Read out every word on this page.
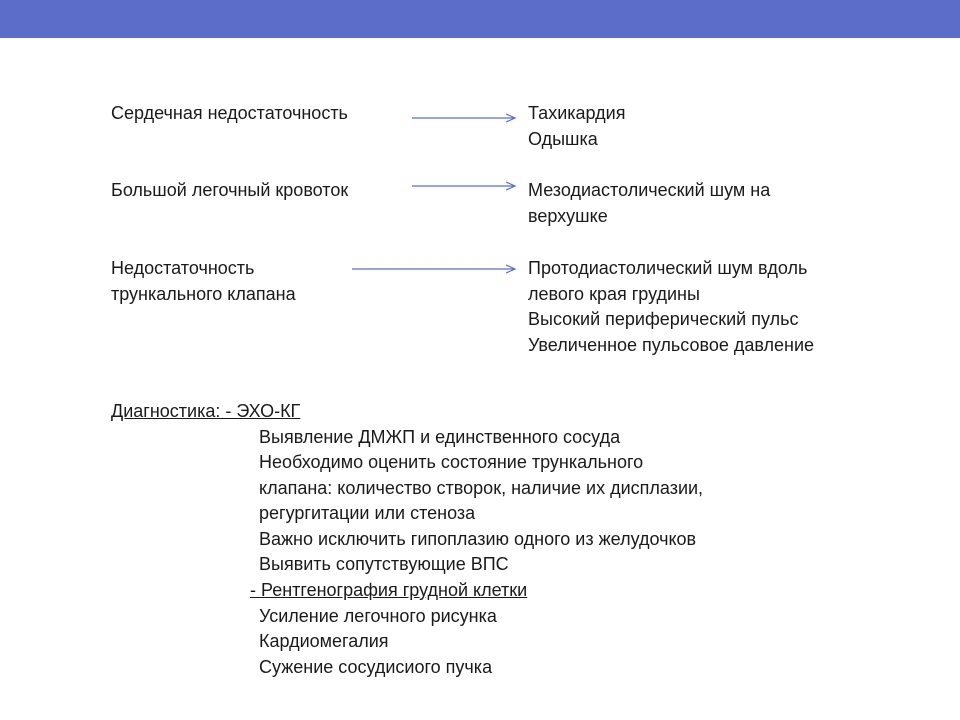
Сердечная недостаточность	Тахикардия
Одышка
Большой легочный кровоток	Мезодиастолический шум на
верхушке
Недостаточность
трункального клапана
Протодиастолический шум вдоль
левого края грудины
Высокий периферический пульс
Увеличенное пульсовое давление
Диагностика: - ЭХО-КГ
Выявление ДМЖП и единственного сосуда
Необходимо оценить состояние трункального
клапана: количество створок, наличие их дисплазии,
регургитации или стеноза
Важно исключить гипоплазию одного из желудочков
Выявить сопутствующие ВПС
- Рентгенография грудной клетки
Усиление легочного рисунка
Кардиомегалия
Сужение сосудисиого пучка
